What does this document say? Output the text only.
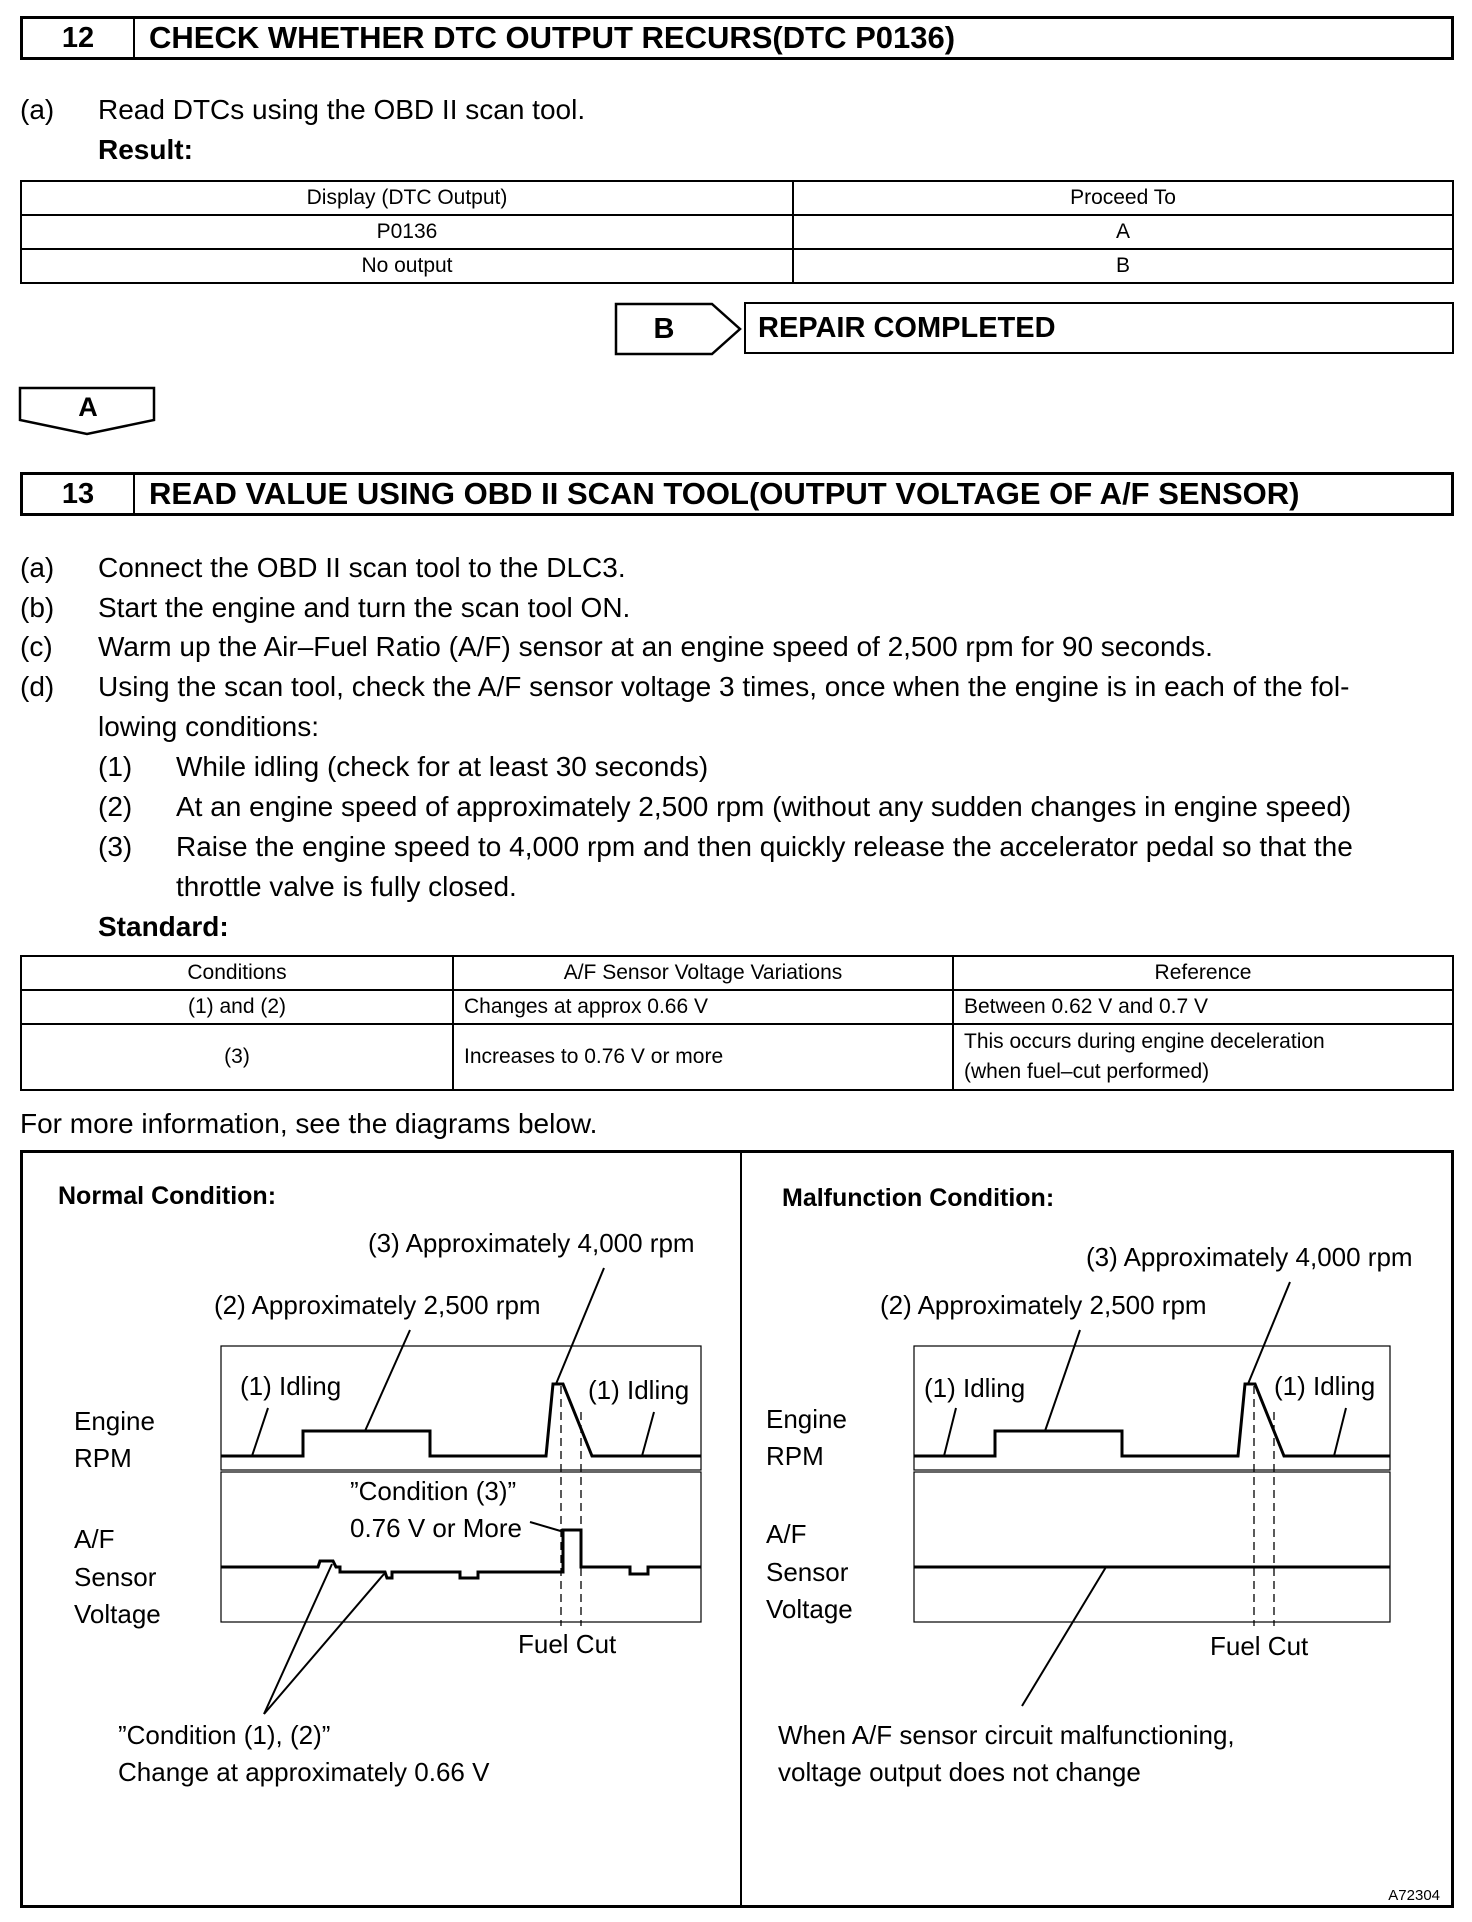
12	CHECK WHETHER DTC OUTPUT RECURS(DTC P0136)
(a) Read DTCs using the OBD II scan tool.
Result:
Display (DTC Output)	Proceed To
P0136	A
No output	B
B	REPAIR COMPLETED
A
13	READ VALUE USING OBD II SCAN TOOL(OUTPUT VOLTAGE OF A/F SENSOR)
(a) Connect the OBD II scan tool to the DLC3.
(b) Start the engine and turn the scan tool ON.
(c) Warm up the Air–Fuel Ratio (A/F) sensor at an engine speed of 2,500 rpm for 90 seconds.
(d) Using the scan tool, check the A/F sensor voltage 3 times, once when the engine is in each of the fol-
lowing conditions:
(1) While idling (check for at least 30 seconds)
(2) At an engine speed of approximately 2,500 rpm (without any sudden changes in engine speed)
(3) Raise the engine speed to 4,000 rpm and then quickly release the accelerator pedal so that the
throttle valve is fully closed.
Standard:
Conditions	A/F Sensor Voltage Variations	Reference
(1) and (2)	Changes at approx 0.66 V	Between 0.62 V and 0.7 V
(3)	Increases to 0.76 V or more	This occurs during engine deceleration
(when fuel–cut performed)
For more information, see the diagrams below.
Normal Condition:
(3) Approximately 4,000 rpm
(2) Approximately 2,500 rpm
(1) Idling	(1) Idling
Engine
RPM
A/F
Sensor
Voltage
”Condition (3)”
0.76 V or More
Fuel Cut
”Condition (1), (2)”
Change at approximately 0.66 V
Malfunction Condition:
(3) Approximately 4,000 rpm
(2) Approximately 2,500 rpm
(1) Idling	(1) Idling
Engine
RPM
A/F
Sensor
Voltage
Fuel Cut
When A/F sensor circuit malfunctioning,
voltage output does not change
A72304
